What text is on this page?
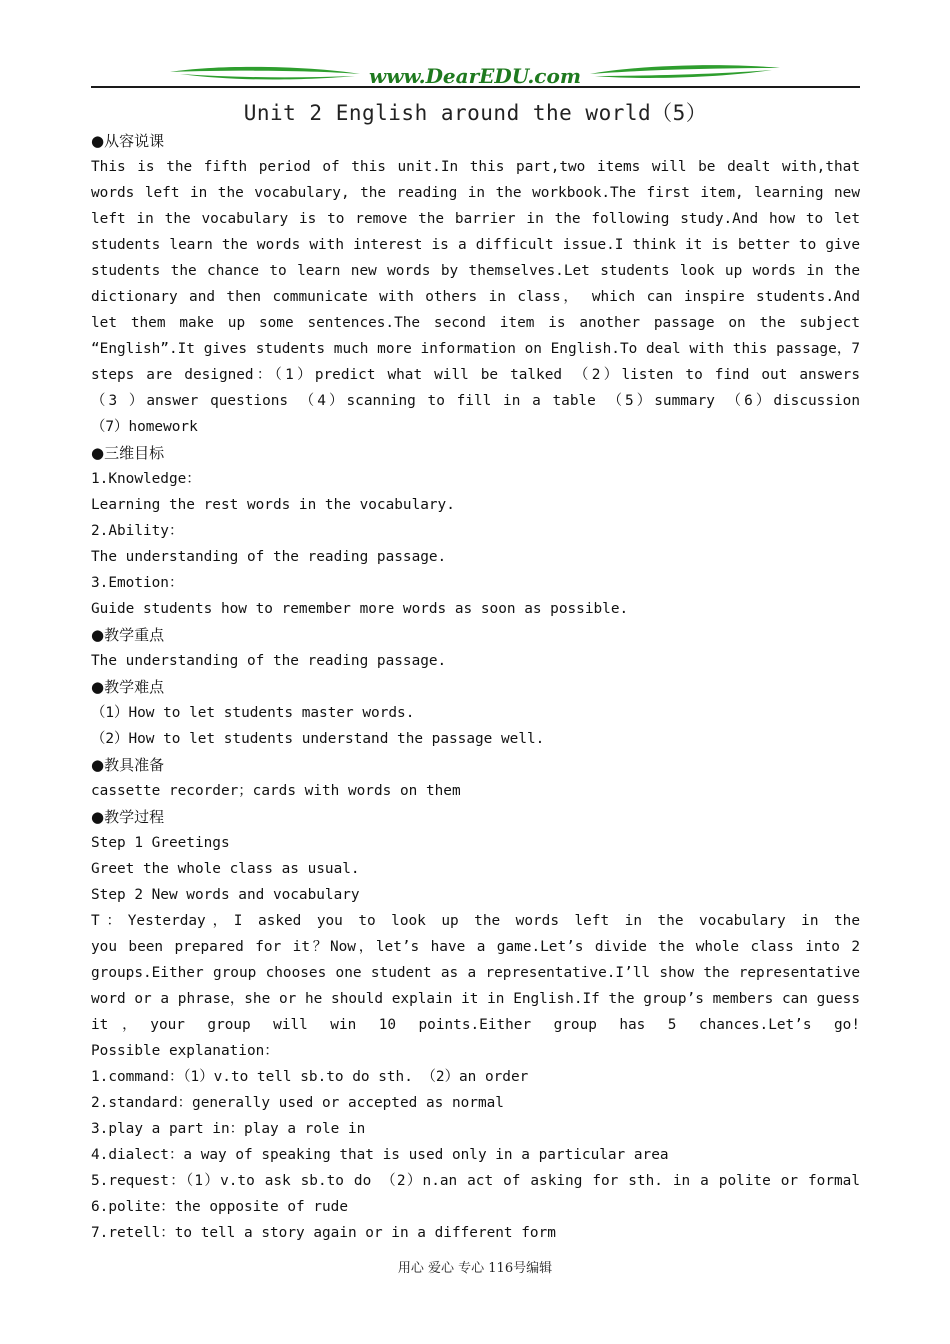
www.DearEDU.com
Unit 2 English around the world（5）
●从容说课
This is the fifth period of this unit.In this part,two items will be dealt with,that
words left in the vocabulary, the reading in the workbook.The first item, learning new
left in the vocabulary is to remove the barrier in the following study.And how to let
students learn the words with interest is a difficult issue.I think it is better to give
students the chance to learn new words by themselves.Let students look up words in the
dictionary and then communicate with others in class， which can inspire students.And
let them make up some sentences.The second item is another passage on the subject
“English”.It gives students much more information on English.To deal with this passage，7
steps are designed：（1）predict what will be talked （2）listen to find out answers
（3 ）answer questions （4）scanning to fill in a table （5）summary （6）discussion
（7）homework
●三维目标
1.Knowledge：
Learning the rest words in the vocabulary.
2.Ability：
The understanding of the reading passage.
3.Emotion：
Guide students how to remember more words as soon as possible.
●教学重点
The understanding of the reading passage.
●教学难点
（1）How to let students master words.
（2）How to let students understand the passage well.
●教具准备
cassette recorder；cards with words on them
●教学过程
Step 1 Greetings
Greet the whole class as usual.
Step 2 New words and vocabulary
T：Yesterday，I asked you to look up the words left in the vocabulary in the
you been prepared for it？Now，let’s have a game.Let’s divide the whole class into 2
groups.Either group chooses one student as a representative.I’ll show the representative
word or a phrase，she or he should explain it in English.If the group’s members can guess
it，your group will win 10 points.Either group has 5 chances.Let’s go!
Possible explanation：
1.command：（1）v.to tell sb.to do sth. （2）an order
2.standard：generally used or accepted as normal
3.play a part in：play a role in
4.dialect：a way of speaking that is used only in a particular area
5.request：（1）v.to ask sb.to do （2）n.an act of asking for sth. in a polite or formal
6.polite：the opposite of rude
7.retell：to tell a story again or in a different form
用心 爱心 专心 116号编辑
